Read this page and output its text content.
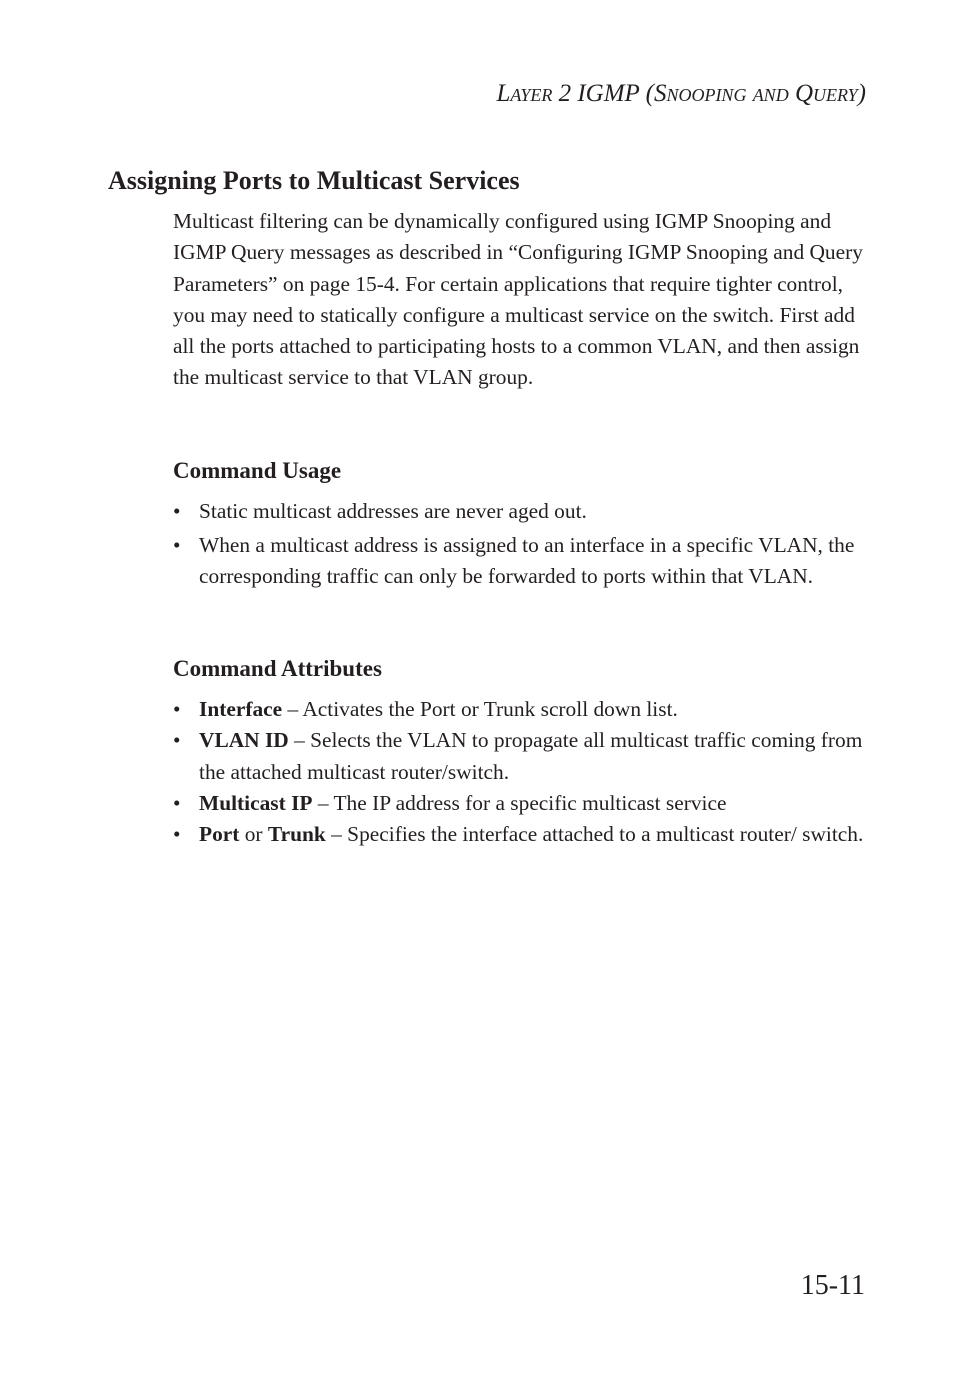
Layer 2 IGMP (Snooping and Query)
Assigning Ports to Multicast Services

Multicast filtering can be dynamically configured using IGMP Snooping and IGMP Query messages as described in “Configuring IGMP Snooping and Query Parameters” on page 15-4. For certain applications that require tighter control, you may need to statically configure a multicast service on the switch. First add all the ports attached to participating hosts to a common VLAN, and then assign the multicast service to that VLAN group.

Command Usage
• Static multicast addresses are never aged out.
• When a multicast address is assigned to an interface in a specific VLAN, the corresponding traffic can only be forwarded to ports within that VLAN.
Command Attributes
• Interface – Activates the Port or Trunk scroll down list.
• VLAN ID – Selects the VLAN to propagate all multicast traffic coming from the attached multicast router/switch.
• Multicast IP – The IP address for a specific multicast service
• Port or Trunk – Specifies the interface attached to a multicast router/ switch.
15-11
